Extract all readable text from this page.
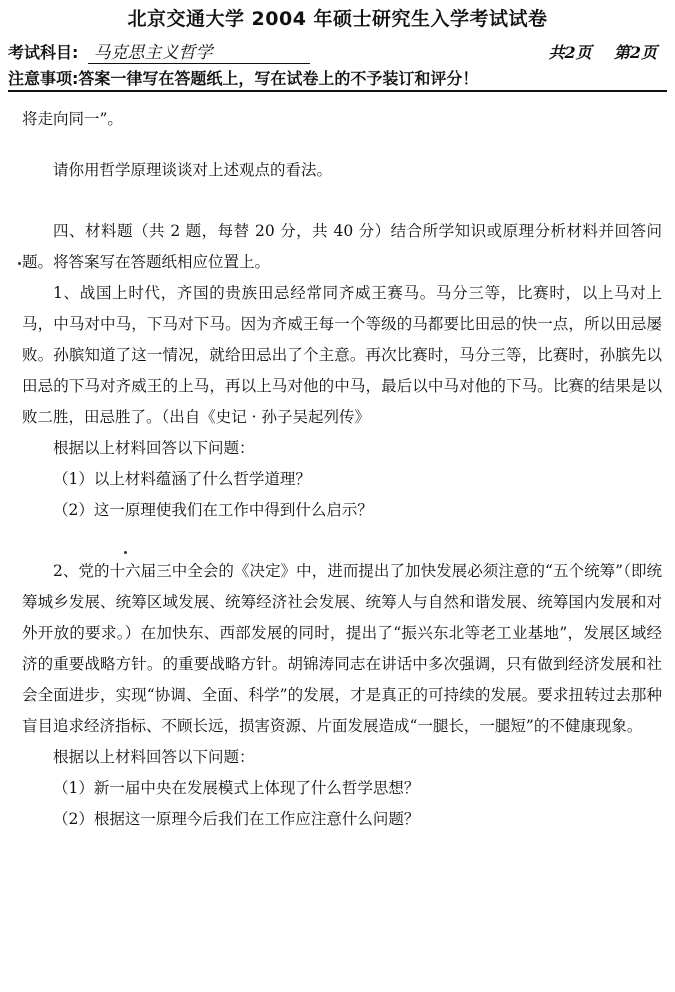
北京交通大学 2004 年硕士研究生入学考试试卷
考试科目: 马克思主义哲学	共2页 第2页
注意事项:答案一律写在答题纸上，写在试卷上的不予装订和评分！

将走向同一”。

请你用哲学原理谈谈对上述观点的看法。

四、材料题（共 2 题，每替 20 分，共 40 分）结合所学知识或原理分析材料并回答问题。将答案写在答题纸相应位置上。

1、战国上时代，齐国的贵族田忌经常同齐威王赛马。马分三等，比赛时，以上马对上马，中马对中马，下马对下马。因为齐威王每一个等级的马都要比田忌的快一点，所以田忌屡败。孙膑知道了这一情况，就给田忌出了个主意。再次比赛时，马分三等，比赛时，孙膑先以田忌的下马对齐威王的上马，再以上马对他的中马，最后以中马对他的下马。比赛的结果是以败二胜，田忌胜了。（出自《史记 · 孙子吴起列传》

根据以上材料回答以下问题：

（1）以上材料蕴涵了什么哲学道理？

（2）这一原理使我们在工作中得到什么启示？

2、党的十六届三中全会的《决定》中，进而提出了加快发展必须注意的“五个统筹”（即统筹城乡发展、统筹区域发展、统筹经济社会发展、统筹人与自然和谐发展、统筹国内发展和对外开放的要求。）在加快东、西部发展的同时，提出了“振兴东北等老工业基地”，发展区域经济的重要战略方针。的重要战略方针。胡锦涛同志在讲话中多次强调，只有做到经济发展和社会全面进步，实现“协调、全面、科学”的发展，才是真正的可持续的发展。要求扭转过去那种盲目追求经济指标、不顾长远，损害资源、片面发展造成“一腿长，一腿短”的不健康现象。

根据以上材料回答以下问题：

（1）新一届中央在发展模式上体现了什么哲学思想？

（2）根据这一原理今后我们在工作应注意什么问题？
